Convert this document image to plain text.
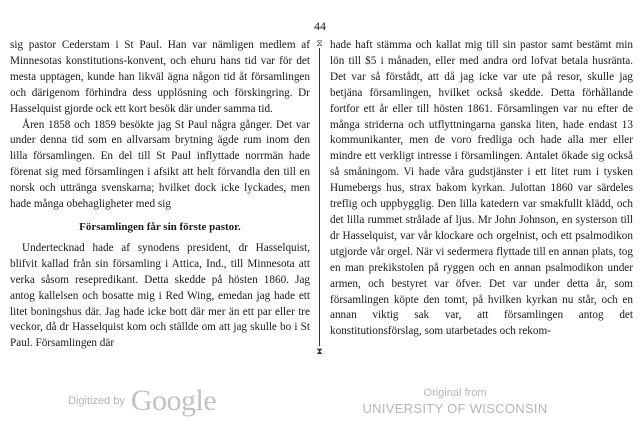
44

sig pastor Cederstam i St Paul. Han var nämligen medlem af Minnesotas konstitutions-konvent, och ehuru hans tid var för det mesta upptagen, kunde han likväl ägna någon tid åt församlingen och därigenom förhindra dess upplösning och förskingring. Dr Hasselquist gjorde ock ett kort besök där under samma tid.

Åren 1858 och 1859 besökte jag St Paul några gånger. Det var under denna tid som en allvarsam brytning ägde rum inom den lilla församlingen. En del till St Paul inflyttade norrmän hade förenat sig med församlingen i afsikt att helt förvandla den till en norsk och uttränga svenskarna; hvilket dock icke lyckades, men hade många obehagligheter med sig

Församlingen får sin förste pastor.

Undertecknad hade af synodens president, dr Hasselquist, blifvit kallad från sin församling i Attica, Ind., till Minnesota att verka såsom resepredikant. Detta skedde på hösten 1860. Jag antog kallelsen och bosatte mig i Red Wing, emedan jag hade ett litet boningshus där. Jag hade icke bott där mer än ett par eller tre veckor, då dr Hasselquist kom och ställde om att jag skulle bo i St Paul. Församlingen där

⧖
⧗

hade haft stämma och kallat mig till sin pastor samt bestämt min lön till $5 i månaden, eller med andra ord lofvat betala husränta. Det var så förstådt, att då jag icke var ute på resor, skulle jag betjäna församlingen, hvilket också skedde. Detta förhållande fortfor ett år eller till hösten 1861. Församlingen var nu efter de många striderna och utflyttningarna ganska liten, hade endast 13 kommunikanter, men de voro fredliga och hade alla mer eller mindre ett verkligt intresse i församlingen. Antalet ökade sig också så småningom. Vi hade våra gudstjänster i ett litet rum i tysken Humebergs hus, strax bakom kyrkan. Julottan 1860 var särdeles treflig och uppbygglig. Den lilla katedern var smakfullt klädd, och det lilla rummet strålade af ljus. Mr John Johnson, en systerson till dr Hasselquist, var vår klockare och orgelnist, och ett psalmodikon utgjorde vår orgel. När vi sedermera flyttade till en annan plats, tog en man prekikstolen på ryggen och en annan psalmodikon under armen, och bestyret var öfver. Det var under detta år, som församlingen köpte den tomt, på hvilken kyrkan nu står, och en annan viktig sak var, att församlingen antog det konstitutionsförslag, som utarbetades och rekom-

Digitized by Google	Original from
UNIVERSITY OF WISCONSIN
